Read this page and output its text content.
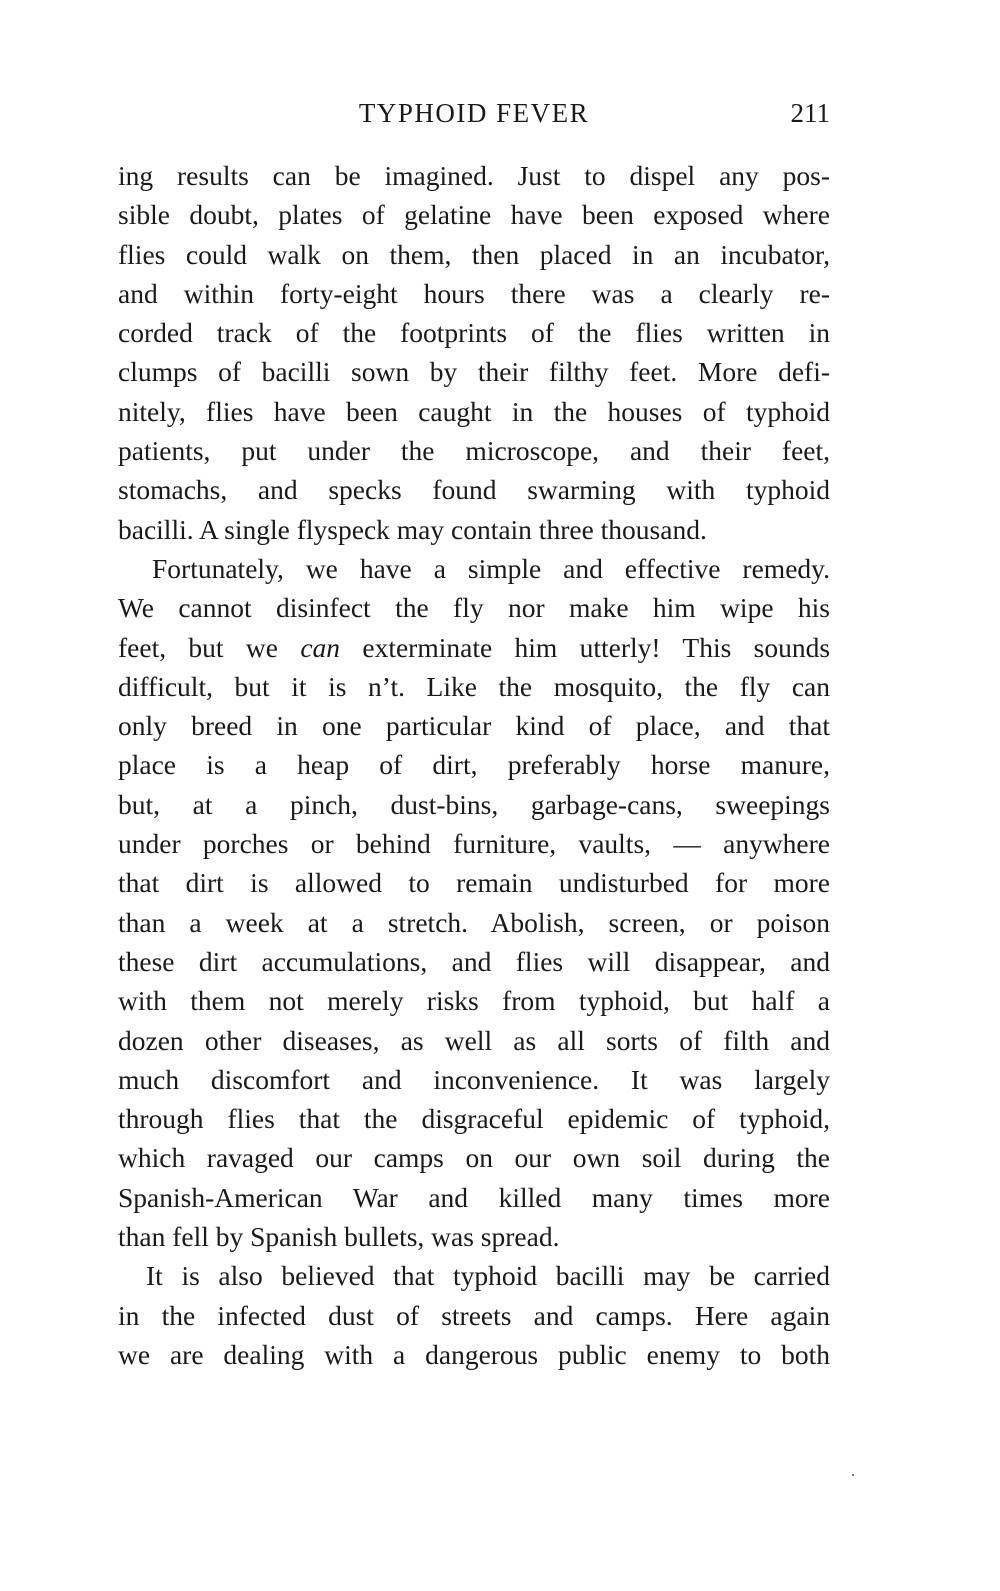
TYPHOID FEVER	211
ing results can be imagined. Just to dispel any pos-
sible doubt, plates of gelatine have been exposed where
flies could walk on them, then placed in an incubator,
and within forty-eight hours there was a clearly re-
corded track of the footprints of the flies written in
clumps of bacilli sown by their filthy feet. More defi-
nitely, flies have been caught in the houses of typhoid
patients, put under the microscope, and their feet,
stomachs, and specks found swarming with typhoid
bacilli. A single flyspeck may contain three thousand.
Fortunately, we have a simple and effective remedy.
We cannot disinfect the fly nor make him wipe his
feet, but we can exterminate him utterly! This sounds
difficult, but it is n’t. Like the mosquito, the fly can
only breed in one particular kind of place, and that
place is a heap of dirt, preferably horse manure,
but, at a pinch, dust-bins, garbage-cans, sweepings
under porches or behind furniture, vaults, — anywhere
that dirt is allowed to remain undisturbed for more
than a week at a stretch. Abolish, screen, or poison
these dirt accumulations, and flies will disappear, and
with them not merely risks from typhoid, but half a
dozen other diseases, as well as all sorts of filth and
much discomfort and inconvenience. It was largely
through flies that the disgraceful epidemic of typhoid,
which ravaged our camps on our own soil during the
Spanish-American War and killed many times more
than fell by Spanish bullets, was spread.
It is also believed that typhoid bacilli may be carried
in the infected dust of streets and camps. Here again
we are dealing with a dangerous public enemy to both
